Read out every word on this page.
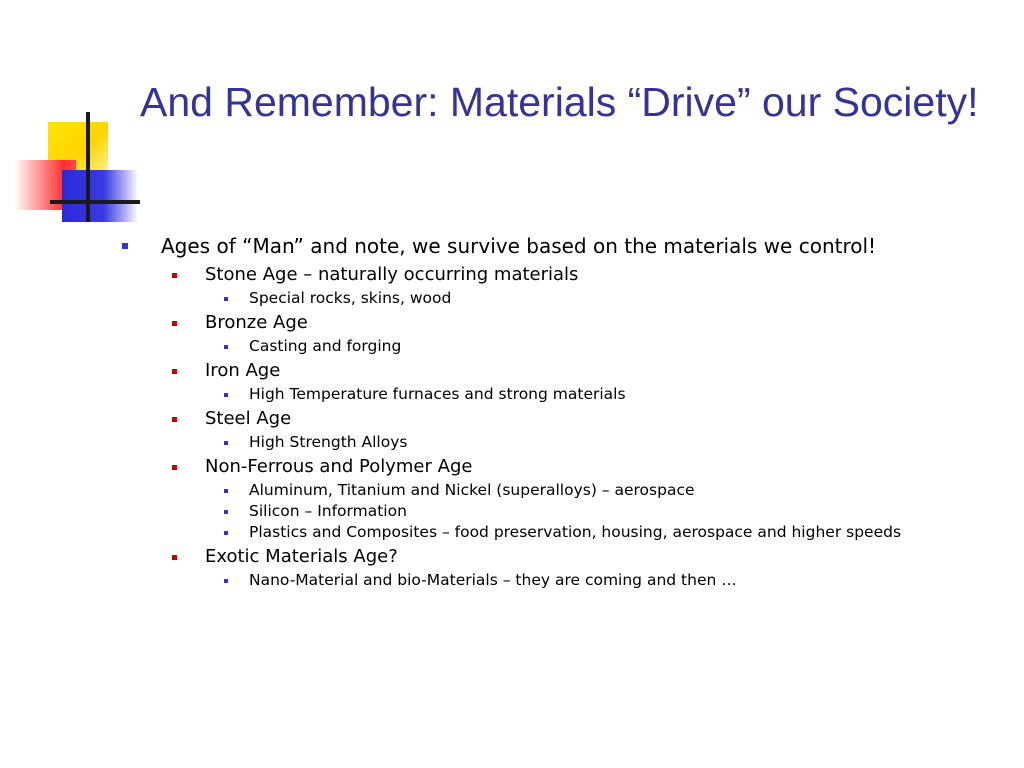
And Remember: Materials “Drive” our Society!
Ages of “Man” and note, we survive based on the materials we control!
Stone Age – naturally occurring materials
Special rocks, skins, wood
Bronze Age
Casting and forging
Iron Age
High Temperature furnaces and strong materials
Steel Age
High Strength Alloys
Non-Ferrous and Polymer Age
Aluminum, Titanium and Nickel (superalloys) – aerospace
Silicon – Information
Plastics and Composites – food preservation, housing, aerospace and higher speeds
Exotic Materials Age?
Nano-Material and bio-Materials – they are coming and then …
